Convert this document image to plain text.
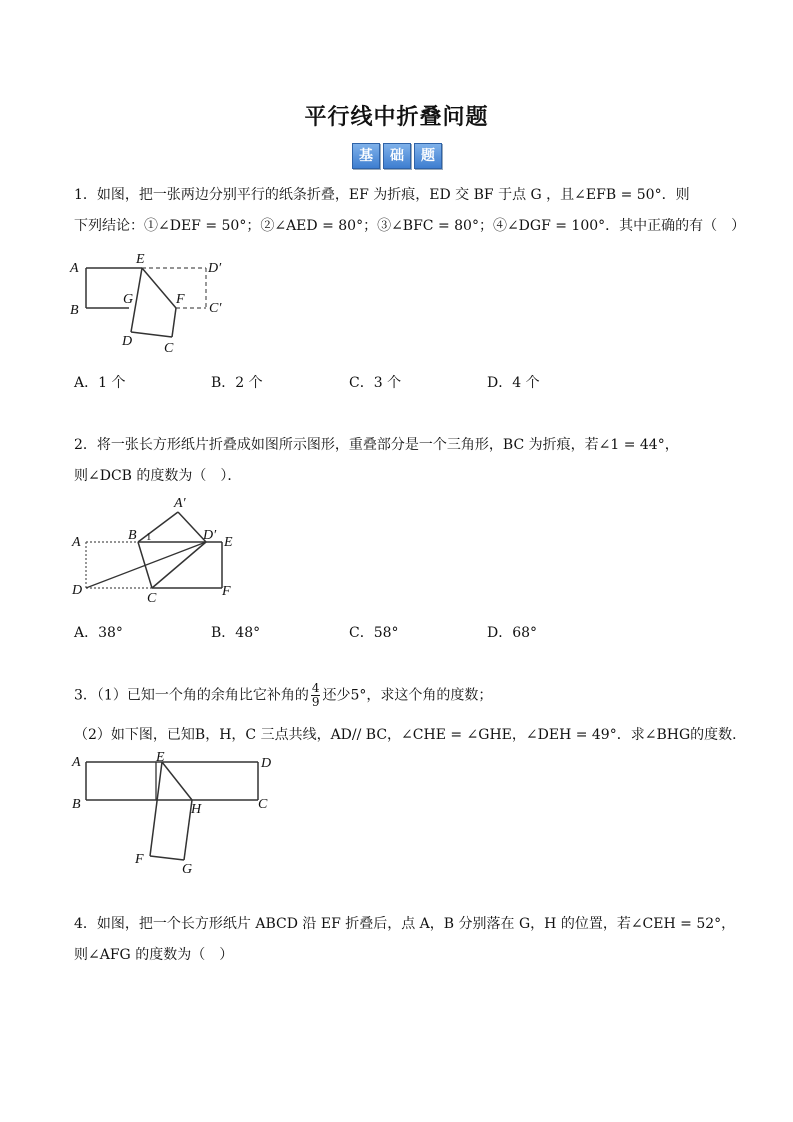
平行线中折叠问题
基	础	题
1．如图，把一张两边分别平行的纸条折叠，EF 为折痕，ED 交 BF 于点 G ，且∠EFB = 50°．则
下列结论：①∠DEF = 50°；②∠AED = 80°；③∠BFC = 80°；④∠DGF = 100°．其中正确的有（　）
A
E
D′
B
G	F
C′
D C
A．1 个	B．2 个	C．3 个	D．4 个
2．将一张长方形纸片折叠成如图所示图形，重叠部分是一个三角形，BC 为折痕，若∠1 = 44°，
则∠DCB 的度数为（　）．
A′
A	B 1	D′ E
D
C	F
A．38°	B．48°	C．58°	D．68°
3．（1）已知一个角的余角比它补角的 $\frac{4}{9}$ 还少5°，求这个角的度数；
（2）如下图，已知B，H，C 三点共线，AD// BC，∠CHE = ∠GHE，∠DEH = 49°．求∠BHG的度数．
A	E	D
B	H	C
F
G
4．如图，把一个长方形纸片 ABCD 沿 EF 折叠后，点 A，B 分别落在 G，H 的位置，若∠CEH = 52°，
则∠AFG 的度数为（　）
